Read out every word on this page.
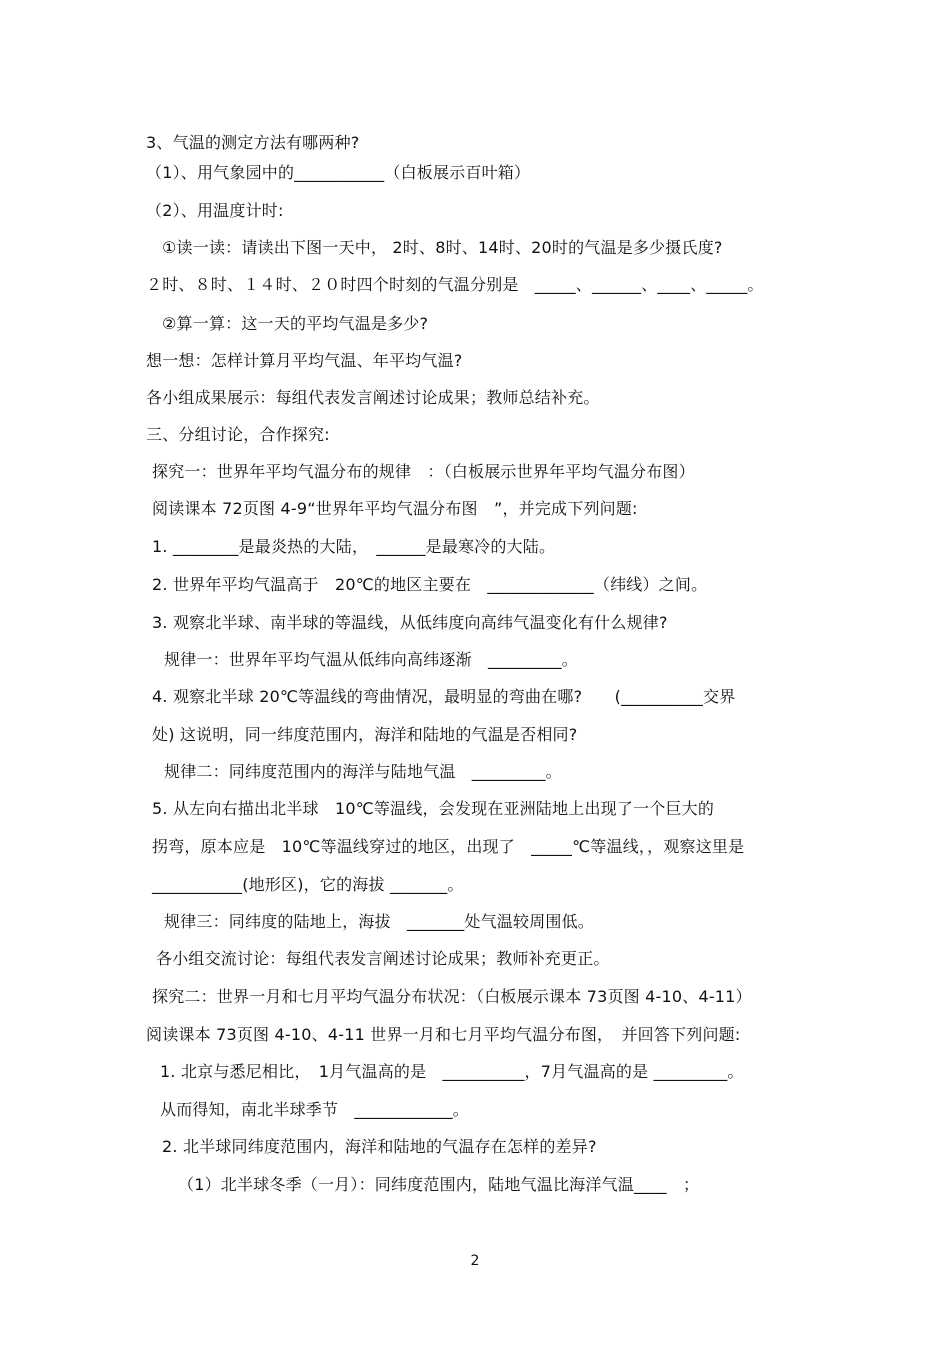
3、气温的测定方法有哪两种?
（1）、用气象园中的___________（白板展示百叶箱）
（2）、用温度计时:
①读一读：请读出下图一天中， 2时、8时、14时、20时的气温是多少摄氏度?
２时、８时、１４时、２０时四个时刻的气温分别是　_____、______、____、_____。
②算一算：这一天的平均气温是多少?
想一想：怎样计算月平均气温、年平均气温?
各小组成果展示：每组代表发言阐述讨论成果；教师总结补充。
三、分组讨论，合作探究:
探究一：世界年平均气温分布的规律　：（白板展示世界年平均气温分布图）
阅读课本 72页图 4-9“世界年平均气温分布图　”，并完成下列问题:
1. ________是最炎热的大陆，　______是最寒冷的大陆。
2. 世界年平均气温高于　20℃的地区主要在　_____________（纬线）之间。
3. 观察北半球、南半球的等温线，从低纬度向高纬气温变化有什么规律?
规律一：世界年平均气温从低纬向高纬逐渐　_________。
4. 观察北半球 20℃等温线的弯曲情况，最明显的弯曲在哪?　　(__________交界
处) 这说明，同一纬度范围内，海洋和陆地的气温是否相同?
规律二：同纬度范围内的海洋与陆地气温　_________。
5. 从左向右描出北半球　10℃等温线，会发现在亚洲陆地上出现了一个巨大的
拐弯，原本应是　10℃等温线穿过的地区，出现了　_____℃等温线，，观察这里是
___________(地形区)，它的海拔 _______。
规律三：同纬度的陆地上，海拔　_______处气温较周围低。
各小组交流讨论：每组代表发言阐述讨论成果；教师补充更正。
探究二：世界一月和七月平均气温分布状况：（白板展示课本 73页图 4-10、4-11）
阅读课本 73页图 4-10、4-11 世界一月和七月平均气温分布图，　并回答下列问题:
1. 北京与悉尼相比，　1月气温高的是　__________，7月气温高的是 _________。
从而得知，南北半球季节　____________。
2. 北半球同纬度范围内，海洋和陆地的气温存在怎样的差异?
（1）北半球冬季（一月）：同纬度范围内，陆地气温比海洋气温____　；
2
